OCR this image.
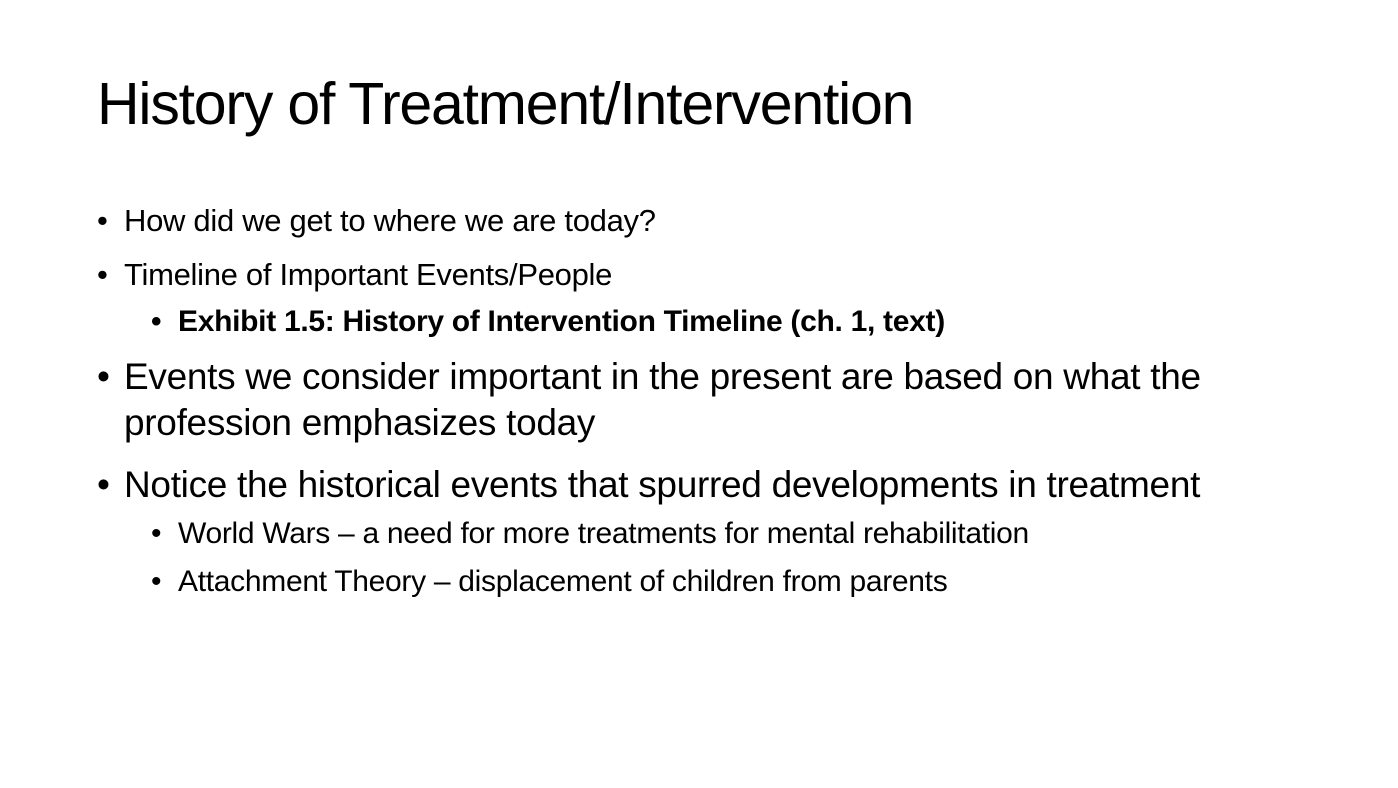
History of Treatment/Intervention
• How did we get to where we are today?
• Timeline of Important Events/People
• Exhibit 1.5: History of Intervention Timeline (ch. 1, text)
• Events we consider important in the present are based on what the profession emphasizes today
• Notice the historical events that spurred developments in treatment
• World Wars – a need for more treatments for mental rehabilitation
• Attachment Theory – displacement of children from parents
